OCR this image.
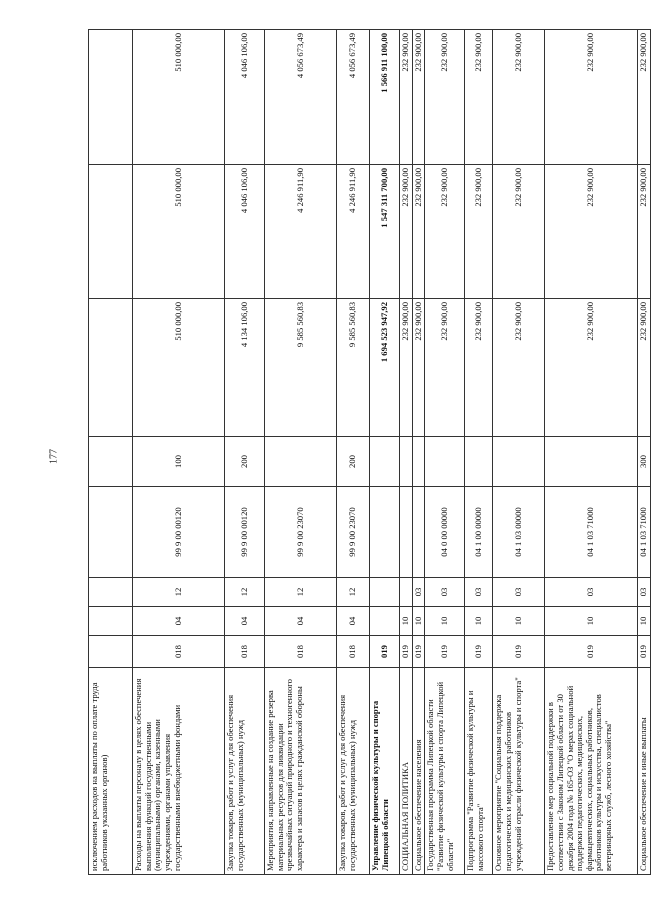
177
исключением расходов на выплаты по оплате труда работников указанных органов)								
Расходы на выплаты персоналу в целях обеспечения выполнения функций государственными (муниципальными) органами, казенными учреждениями, органами управления государственными внебюджетными фондами	018	04	12	99 9 00 00120	100	510 000,00	510 000,00	510 000,00
Закупка товаров, работ и услуг для обеспечения государственных (муниципальных) нужд	018	04	12	99 9 00 00120	200	4 134 106,00	4 046 106,00	4 046 106,00
Мероприятия, направленные на создание резерва материальных ресурсов для ликвидации чрезвычайных ситуаций природного и техногенного характера и запасов в целях гражданской обороны	018	04	12	99 9 00 23070		9 585 560,83	4 246 911,90	4 056 673,49
Закупка товаров, работ и услуг для обеспечения государственных (муниципальных) нужд	018	04	12	99 9 00 23070	200	9 585 560,83	4 246 911,90	4 056 673,49
Управление физической культуры и спорта Липецкой области	019					1 694 523 947,92	1 547 311 700,00	1 566 911 100,00
СОЦИАЛЬНАЯ ПОЛИТИКА	019	10				232 900,00	232 900,00	232 900,00
Социальное обеспечение населения	019	10	03			232 900,00	232 900,00	232 900,00
Государственная программа Липецкой области "Развитие физической культуры и спорта Липецкой области"	019	10	03	04 0 00 00000		232 900,00	232 900,00	232 900,00
Подпрограмма "Развитие физической культуры и массового спорта"	019	10	03	04 1 00 00000		232 900,00	232 900,00	232 900,00
Основное мероприятие "Социальная поддержка педагогических и медицинских работников учреждений отрасли физической культуры и спорта"	019	10	03	04 1 03 00000		232 900,00	232 900,00	232 900,00
Предоставление мер социальной поддержки в соответствии с Законом Липецкой области от 30 декабря 2004 года № 165-ОЗ "О мерах социальной поддержки педагогических, медицинских, фармацевтических, социальных работников, работников культуры и искусства, специалистов ветеринарных служб, лесного хозяйства"	019	10	03	04 1 03 71000		232 900,00	232 900,00	232 900,00
Социальное обеспечение и иные выплаты	019	10	03	04 1 03 71000	300	232 900,00	232 900,00	232 900,00
